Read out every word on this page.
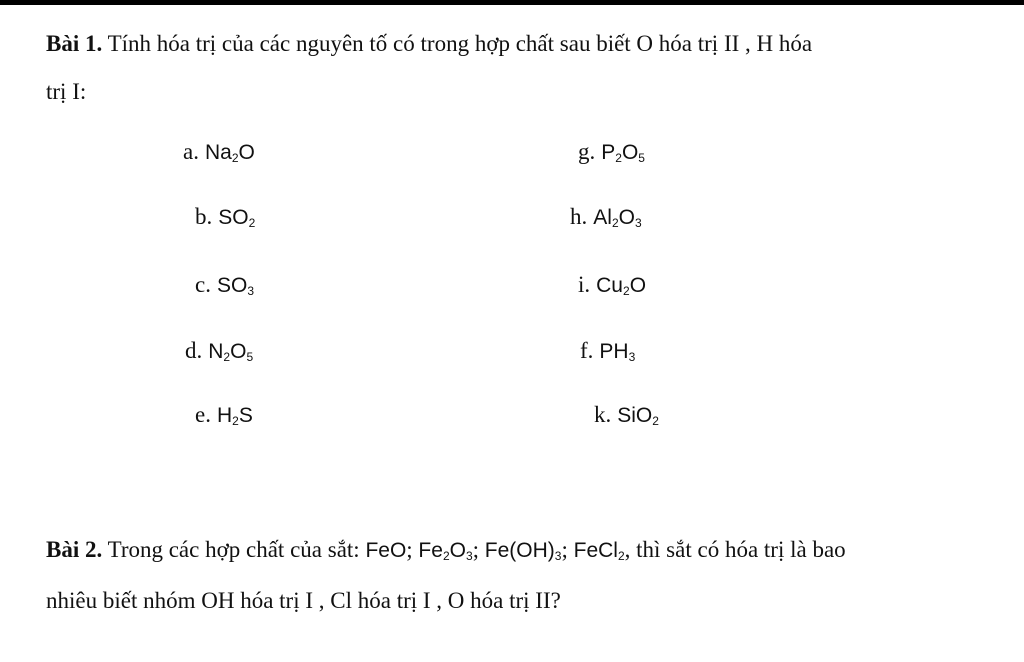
Bài 1. Tính hóa trị của các nguyên tố có trong hợp chất sau biết O hóa trị II , H hóa
trị I:

a. Na2O
b. SO2
c. SO3
d. N2O5
e. H2S
g. P2O5
h. Al2O3
i. Cu2O
f. PH3
k. SiO2

Bài 2. Trong các hợp chất của sắt: FeO; Fe2O3; Fe(OH)3; FeCl2, thì sắt có hóa trị là bao
nhiêu biết nhóm OH hóa trị I , Cl hóa trị I , O hóa trị II?
